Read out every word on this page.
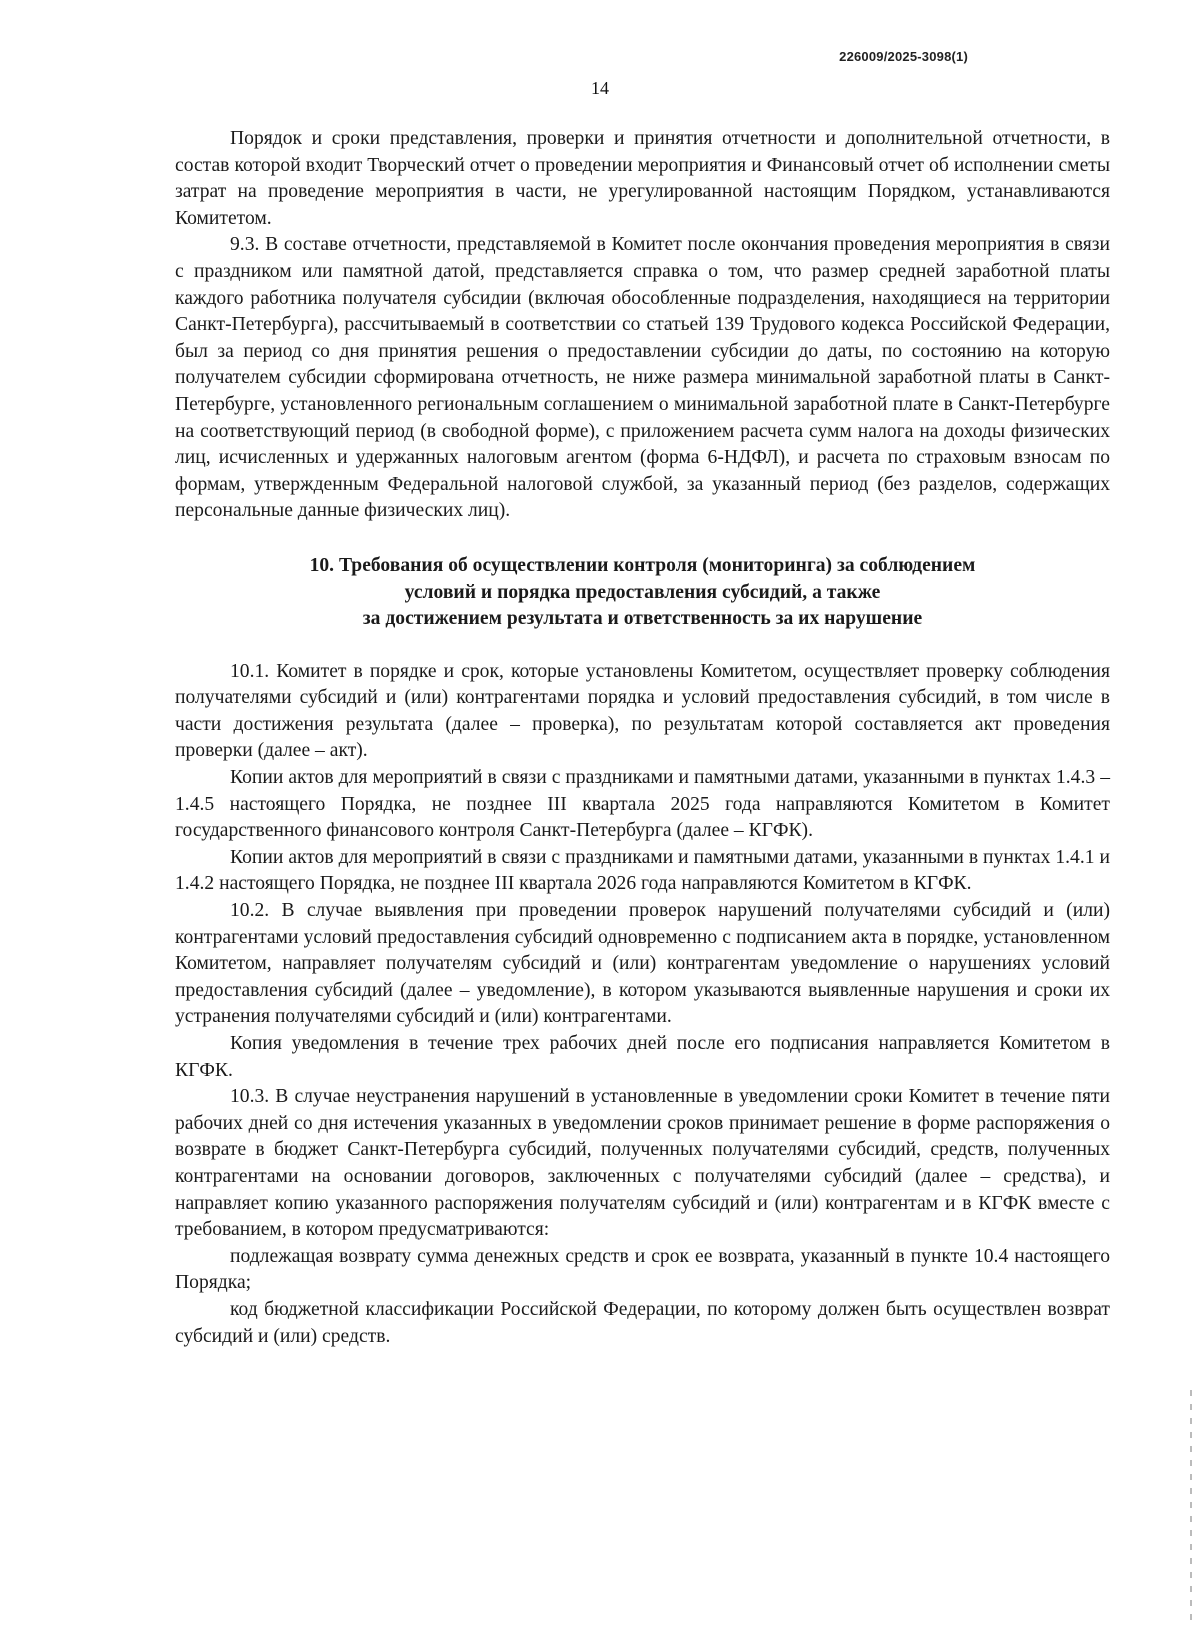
226009/2025-3098(1)
14

Порядок и сроки представления, проверки и принятия отчетности и дополнительной отчетности, в состав которой входит Творческий отчет о проведении мероприятия и Финансовый отчет об исполнении сметы затрат на проведение мероприятия в части, не урегулированной настоящим Порядком, устанавливаются Комитетом.

9.3. В составе отчетности, представляемой в Комитет после окончания проведения мероприятия в связи с праздником или памятной датой, представляется справка о том, что размер средней заработной платы каждого работника получателя субсидии (включая обособленные подразделения, находящиеся на территории Санкт-Петербурга), рассчитываемый в соответствии со статьей 139 Трудового кодекса Российской Федерации, был за период со дня принятия решения о предоставлении субсидии до даты, по состоянию на которую получателем субсидии сформирована отчетность, не ниже размера минимальной заработной платы в Санкт-Петербурге, установленного региональным соглашением о минимальной заработной плате в Санкт-Петербурге на соответствующий период (в свободной форме), с приложением расчета сумм налога на доходы физических лиц, исчисленных и удержанных налоговым агентом (форма 6-НДФЛ), и расчета по страховым взносам по формам, утвержденным Федеральной налоговой службой, за указанный период (без разделов, содержащих персональные данные физических лиц).

10. Требования об осуществлении контроля (мониторинга) за соблюдением
условий и порядка предоставления субсидий, а также
за достижением результата и ответственность за их нарушение

10.1. Комитет в порядке и срок, которые установлены Комитетом, осуществляет проверку соблюдения получателями субсидий и (или) контрагентами порядка и условий предоставления субсидий, в том числе в части достижения результата (далее – проверка), по результатам которой составляется акт проведения проверки (далее – акт).

Копии актов для мероприятий в связи с праздниками и памятными датами, указанными в пунктах 1.4.3 – 1.4.5 настоящего Порядка, не позднее III квартала 2025 года направляются Комитетом в Комитет государственного финансового контроля Санкт-Петербурга (далее – КГФК).

Копии актов для мероприятий в связи с праздниками и памятными датами, указанными в пунктах 1.4.1 и 1.4.2 настоящего Порядка, не позднее III квартала 2026 года направляются Комитетом в КГФК.

10.2. В случае выявления при проведении проверок нарушений получателями субсидий и (или) контрагентами условий предоставления субсидий одновременно с подписанием акта в порядке, установленном Комитетом, направляет получателям субсидий и (или) контрагентам уведомление о нарушениях условий предоставления субсидий (далее – уведомление), в котором указываются выявленные нарушения и сроки их устранения получателями субсидий и (или) контрагентами.

Копия уведомления в течение трех рабочих дней после его подписания направляется Комитетом в КГФК.

10.3. В случае неустранения нарушений в установленные в уведомлении сроки Комитет в течение пяти рабочих дней со дня истечения указанных в уведомлении сроков принимает решение в форме распоряжения о возврате в бюджет Санкт-Петербурга субсидий, полученных получателями субсидий, средств, полученных контрагентами на основании договоров, заключенных с получателями субсидий (далее – средства), и направляет копию указанного распоряжения получателям субсидий и (или) контрагентам и в КГФК вместе с требованием, в котором предусматриваются:

подлежащая возврату сумма денежных средств и срок ее возврата, указанный в пункте 10.4 настоящего Порядка;

код бюджетной классификации Российской Федерации, по которому должен быть осуществлен возврат субсидий и (или) средств.
